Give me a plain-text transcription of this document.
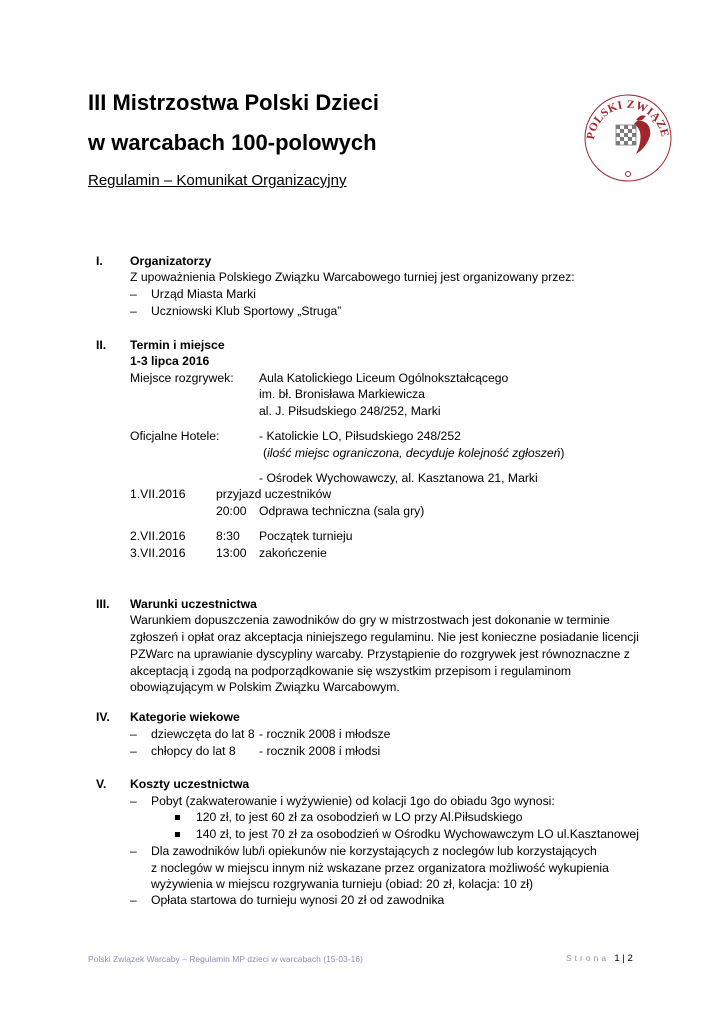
III Mistrzostwa Polski Dzieci
w warcabach 100-polowych
Regulamin – Komunikat Organizacyjny
POLSKI ZWIĄZE
I.	Organizatorzy
Z upoważnienia Polskiego Związku Warcabowego turniej jest organizowany przez:
– Urząd Miasta Marki
– Uczniowski Klub Sportowy „Struga”
II.	Termin i miejsce
1-3 lipca 2016
Miejsce rozgrywek: Aula Katolickiego Liceum Ogólnokształcącego
im. bł. Bronisława Markiewicza
al. J. Piłsudskiego 248/252, Marki
Oficjalne Hotele:	- Katolickie LO, Piłsudskiego 248/252
(ilość miejsc ograniczona, decyduje kolejność zgłoszeń)
- Ośrodek Wychowawczy, al. Kasztanowa 21, Marki
1.VII.2016 przyjazd uczestników
20:00 Odprawa techniczna (sala gry)
2.VII.2016 8:30 Początek turnieju
3.VII.2016 13:00 zakończenie
III.	Warunki uczestnictwa
Warunkiem dopuszczenia zawodników do gry w mistrzostwach jest dokonanie w terminie
zgłoszeń i opłat oraz akceptacja niniejszego regulaminu. Nie jest konieczne posiadanie licencji
PZWarc na uprawianie dyscypliny warcaby. Przystąpienie do rozgrywek jest równoznaczne z
akceptacją i zgodą na podporządkowanie się wszystkim przepisom i regulaminom
obowiązującym w Polskim Związku Warcabowym.
IV.	Kategorie wiekowe
– dziewczęta do lat 8 - rocznik 2008 i młodsze
– chłopcy do lat 8 - rocznik 2008 i młodsi
V.	Koszty uczestnictwa
– Pobyt (zakwaterowanie i wyżywienie) od kolacji 1go do obiadu 3go wynosi:
120 zł, to jest 60 zł za osobodzień w LO przy Al.Piłsudskiego
140 zł, to jest 70 zł za osobodzień w Ośrodku Wychowawczym LO ul.Kasztanowej
– Dla zawodników lub/i opiekunów nie korzystających z noclegów lub korzystających
z noclegów w miejscu innym niż wskazane przez organizatora możliwość wykupienia
wyżywienia w miejscu rozgrywania turnieju (obiad: 20 zł, kolacja: 10 zł)
– Opłata startowa do turnieju wynosi 20 zł od zawodnika
Polski Związek Warcaby – Regulamin MP dzieci w warcabach (15-03-16)	Strona 1 | 2
